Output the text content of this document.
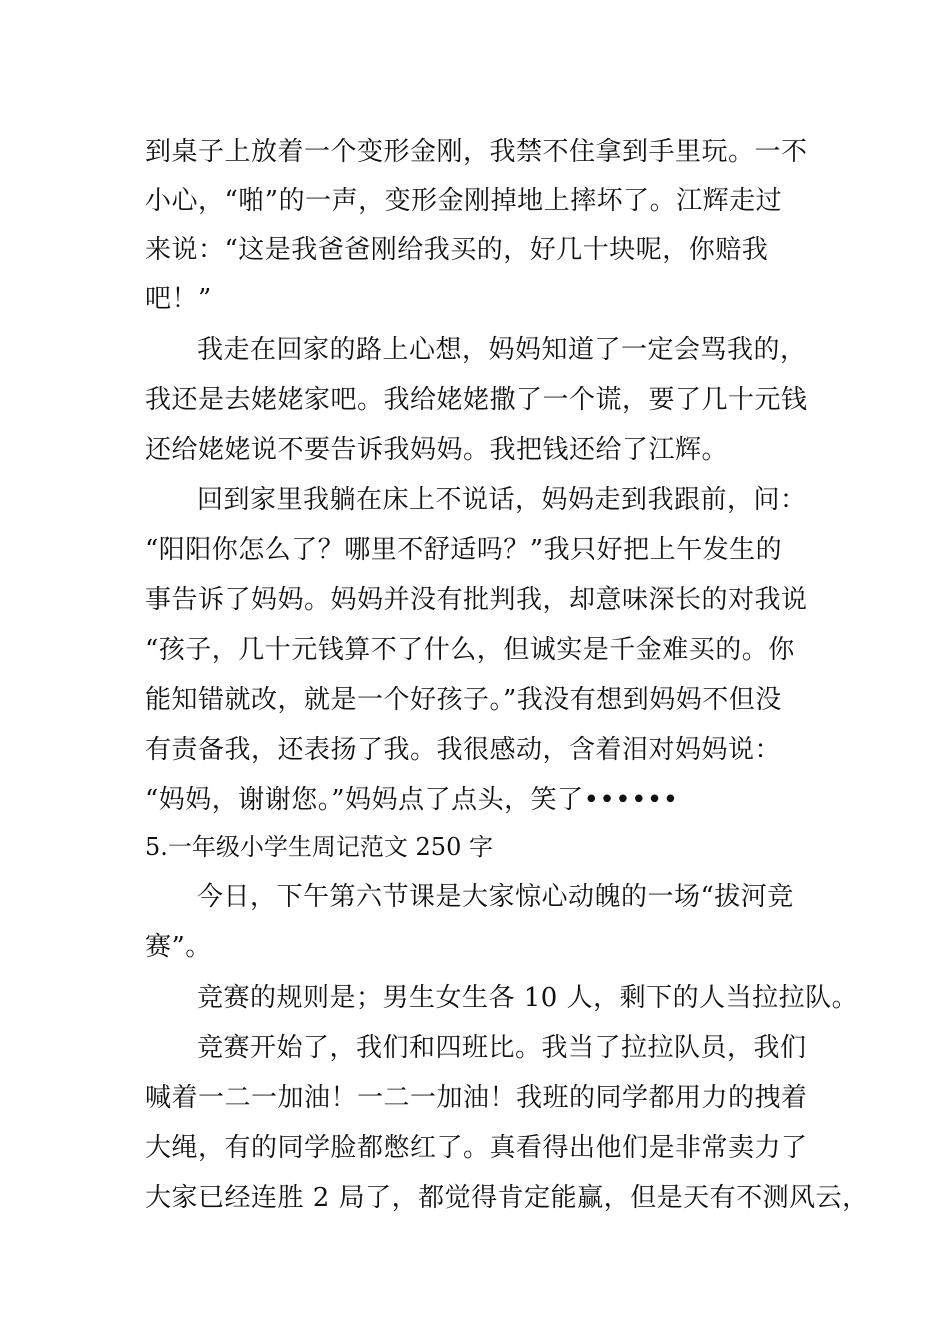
到桌子上放着一个变形金刚，我禁不住拿到手里玩。一不
小心，“啪”的一声，变形金刚掉地上摔坏了。江辉走过
来说：“这是我爸爸刚给我买的，好几十块呢，你赔我
吧！”
我走在回家的路上心想，妈妈知道了一定会骂我的，
我还是去姥姥家吧。我给姥姥撒了一个谎，要了几十元钱
还给姥姥说不要告诉我妈妈。我把钱还给了江辉。
回到家里我躺在床上不说话，妈妈走到我跟前，问：
“阳阳你怎么了？哪里不舒适吗？”我只好把上午发生的
事告诉了妈妈。妈妈并没有批判我，却意味深长的对我说
“孩子，几十元钱算不了什么，但诚实是千金难买的。你
能知错就改，就是一个好孩子。”我没有想到妈妈不但没
有责备我，还表扬了我。我很感动，含着泪对妈妈说：
“妈妈，谢谢您。”妈妈点了点头，笑了••••••
5.一年级小学生周记范文 250 字
今日，下午第六节课是大家惊心动魄的一场“拔河竞
赛”。
竞赛的规则是；男生女生各 10 人，剩下的人当拉拉队。
竞赛开始了，我们和四班比。我当了拉拉队员，我们
喊着一二一加油！一二一加油！我班的同学都用力的拽着
大绳，有的同学脸都憋红了。真看得出他们是非常卖力了
大家已经连胜 2 局了，都觉得肯定能赢，但是天有不测风云，
